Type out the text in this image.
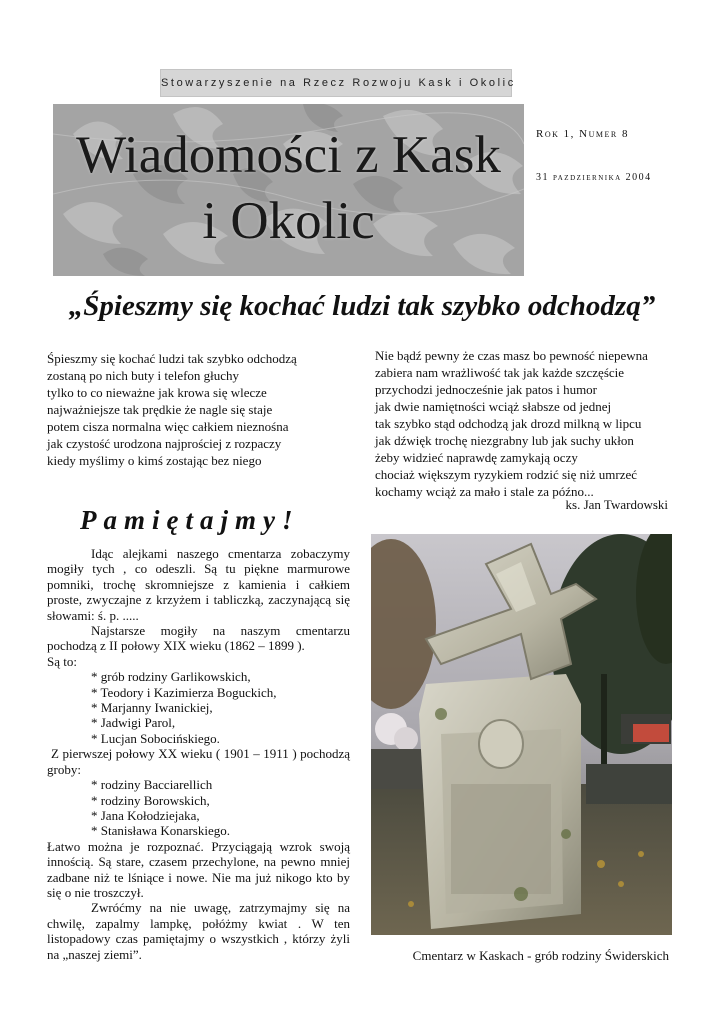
Stowarzyszenie na Rzecz Rozwoju Kask i Okolic
Wiadomości z Kask
i Okolic
Rok 1, Numer 8
31 pazdziernika 2004
„Śpieszmy się kochać ludzi tak szybko odchodzą”
Śpieszmy się kochać ludzi tak szybko odchodzą
zostaną po nich buty i telefon głuchy
tylko to co nieważne jak krowa się wlecze
najważniejsze tak prędkie że nagle się staje
potem cisza normalna więc całkiem nieznośna
jak czystość urodzona najprościej z rozpaczy
kiedy myślimy o kimś zostając bez niego
Nie bądź pewny że czas masz bo pewność niepewna
zabiera nam wrażliwość tak jak każde szczęście
przychodzi jednocześnie jak patos i humor
jak dwie namiętności wciąż słabsze od jednej
tak szybko stąd odchodzą jak drozd milkną w lipcu
jak dźwięk trochę niezgrabny lub jak suchy ukłon
żeby widzieć naprawdę zamykają oczy
chociaż większym ryzykiem rodzić się niż umrzeć
kochamy wciąż za mało i stale za późno...
ks. Jan Twardowski
Pamiętajmy!
Idąc alejkami naszego cmentarza zobaczymy mogiły tych , co odeszli. Są tu piękne marmurowe pomniki, trochę skromniejsze z kamienia i całkiem proste, zwyczajne z krzyżem i tabliczką, zaczynającą się słowami: ś. p. .....
Najstarsze mogiły na naszym cmentarzu pochodzą z II połowy XIX wieku (1862 – 1899 ).
Są to:
* grób rodziny Garlikowskich,
* Teodory i Kazimierza Boguckich,
* Marjanny Iwanickiej,
* Jadwigi Parol,
* Lucjan Sobocińskiego.
Z pierwszej połowy XX wieku ( 1901 – 1911 ) pochodzą groby:
* rodziny Bacciarellich
* rodziny Borowskich,
* Jana Kołodziejaka,
* Stanisława Konarskiego.
Łatwo można je rozpoznać. Przyciągają wzrok swoją innością. Są stare, czasem przechylone, na pewno mniej zadbane niż te lśniące i nowe. Nie ma już nikogo kto by się o nie troszczył.
Zwróćmy na nie uwagę, zatrzymajmy się na chwilę, zapalmy lampkę, połóżmy kwiat . W ten listopadowy czas pamiętajmy o wszystkich , którzy żyli na „naszej ziemi”.	Cmentarz w Kaskach - grób rodziny Świderskich
